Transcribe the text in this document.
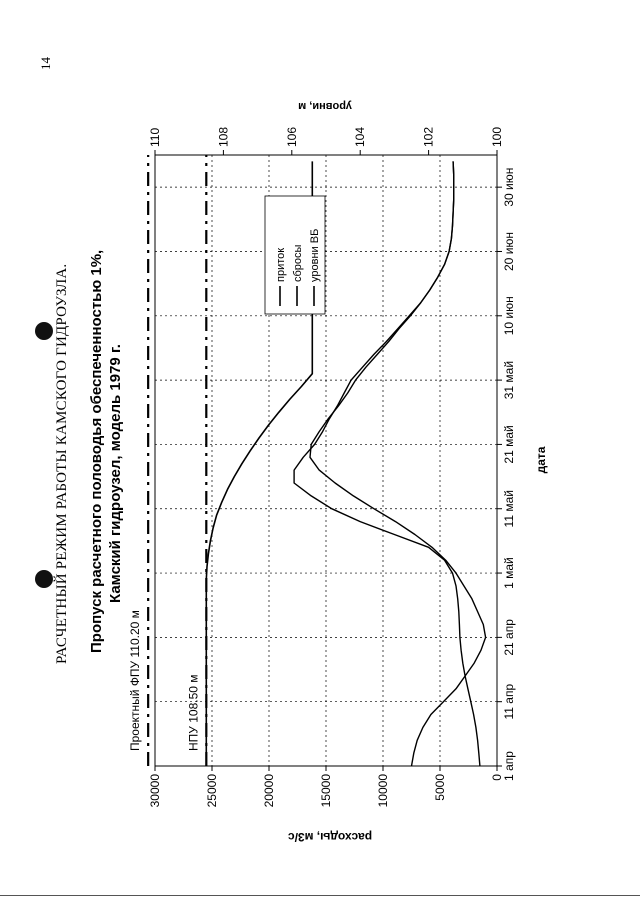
14
РАСЧЕТНЫЙ РЕЖИМ РАБОТЫ КАМСКОГО ГИДРОУЗЛА. Пропуск расчетного половодья обеспеченностью 1%, Камский гидроузел, модель 1979 г.
Проектный ФПУ 110.20 м	НПУ 108.50 м
1 апр
11 апр
21 апр
1 май
11 май
21 май
31 май
10 июн
20 июн
30 июн
0
5000
10000
15000
20000
25000
30000
100
102
104
106
108
110
дата
расходы, м3/с
уровни, м
приток сбросы уровни ВБ
